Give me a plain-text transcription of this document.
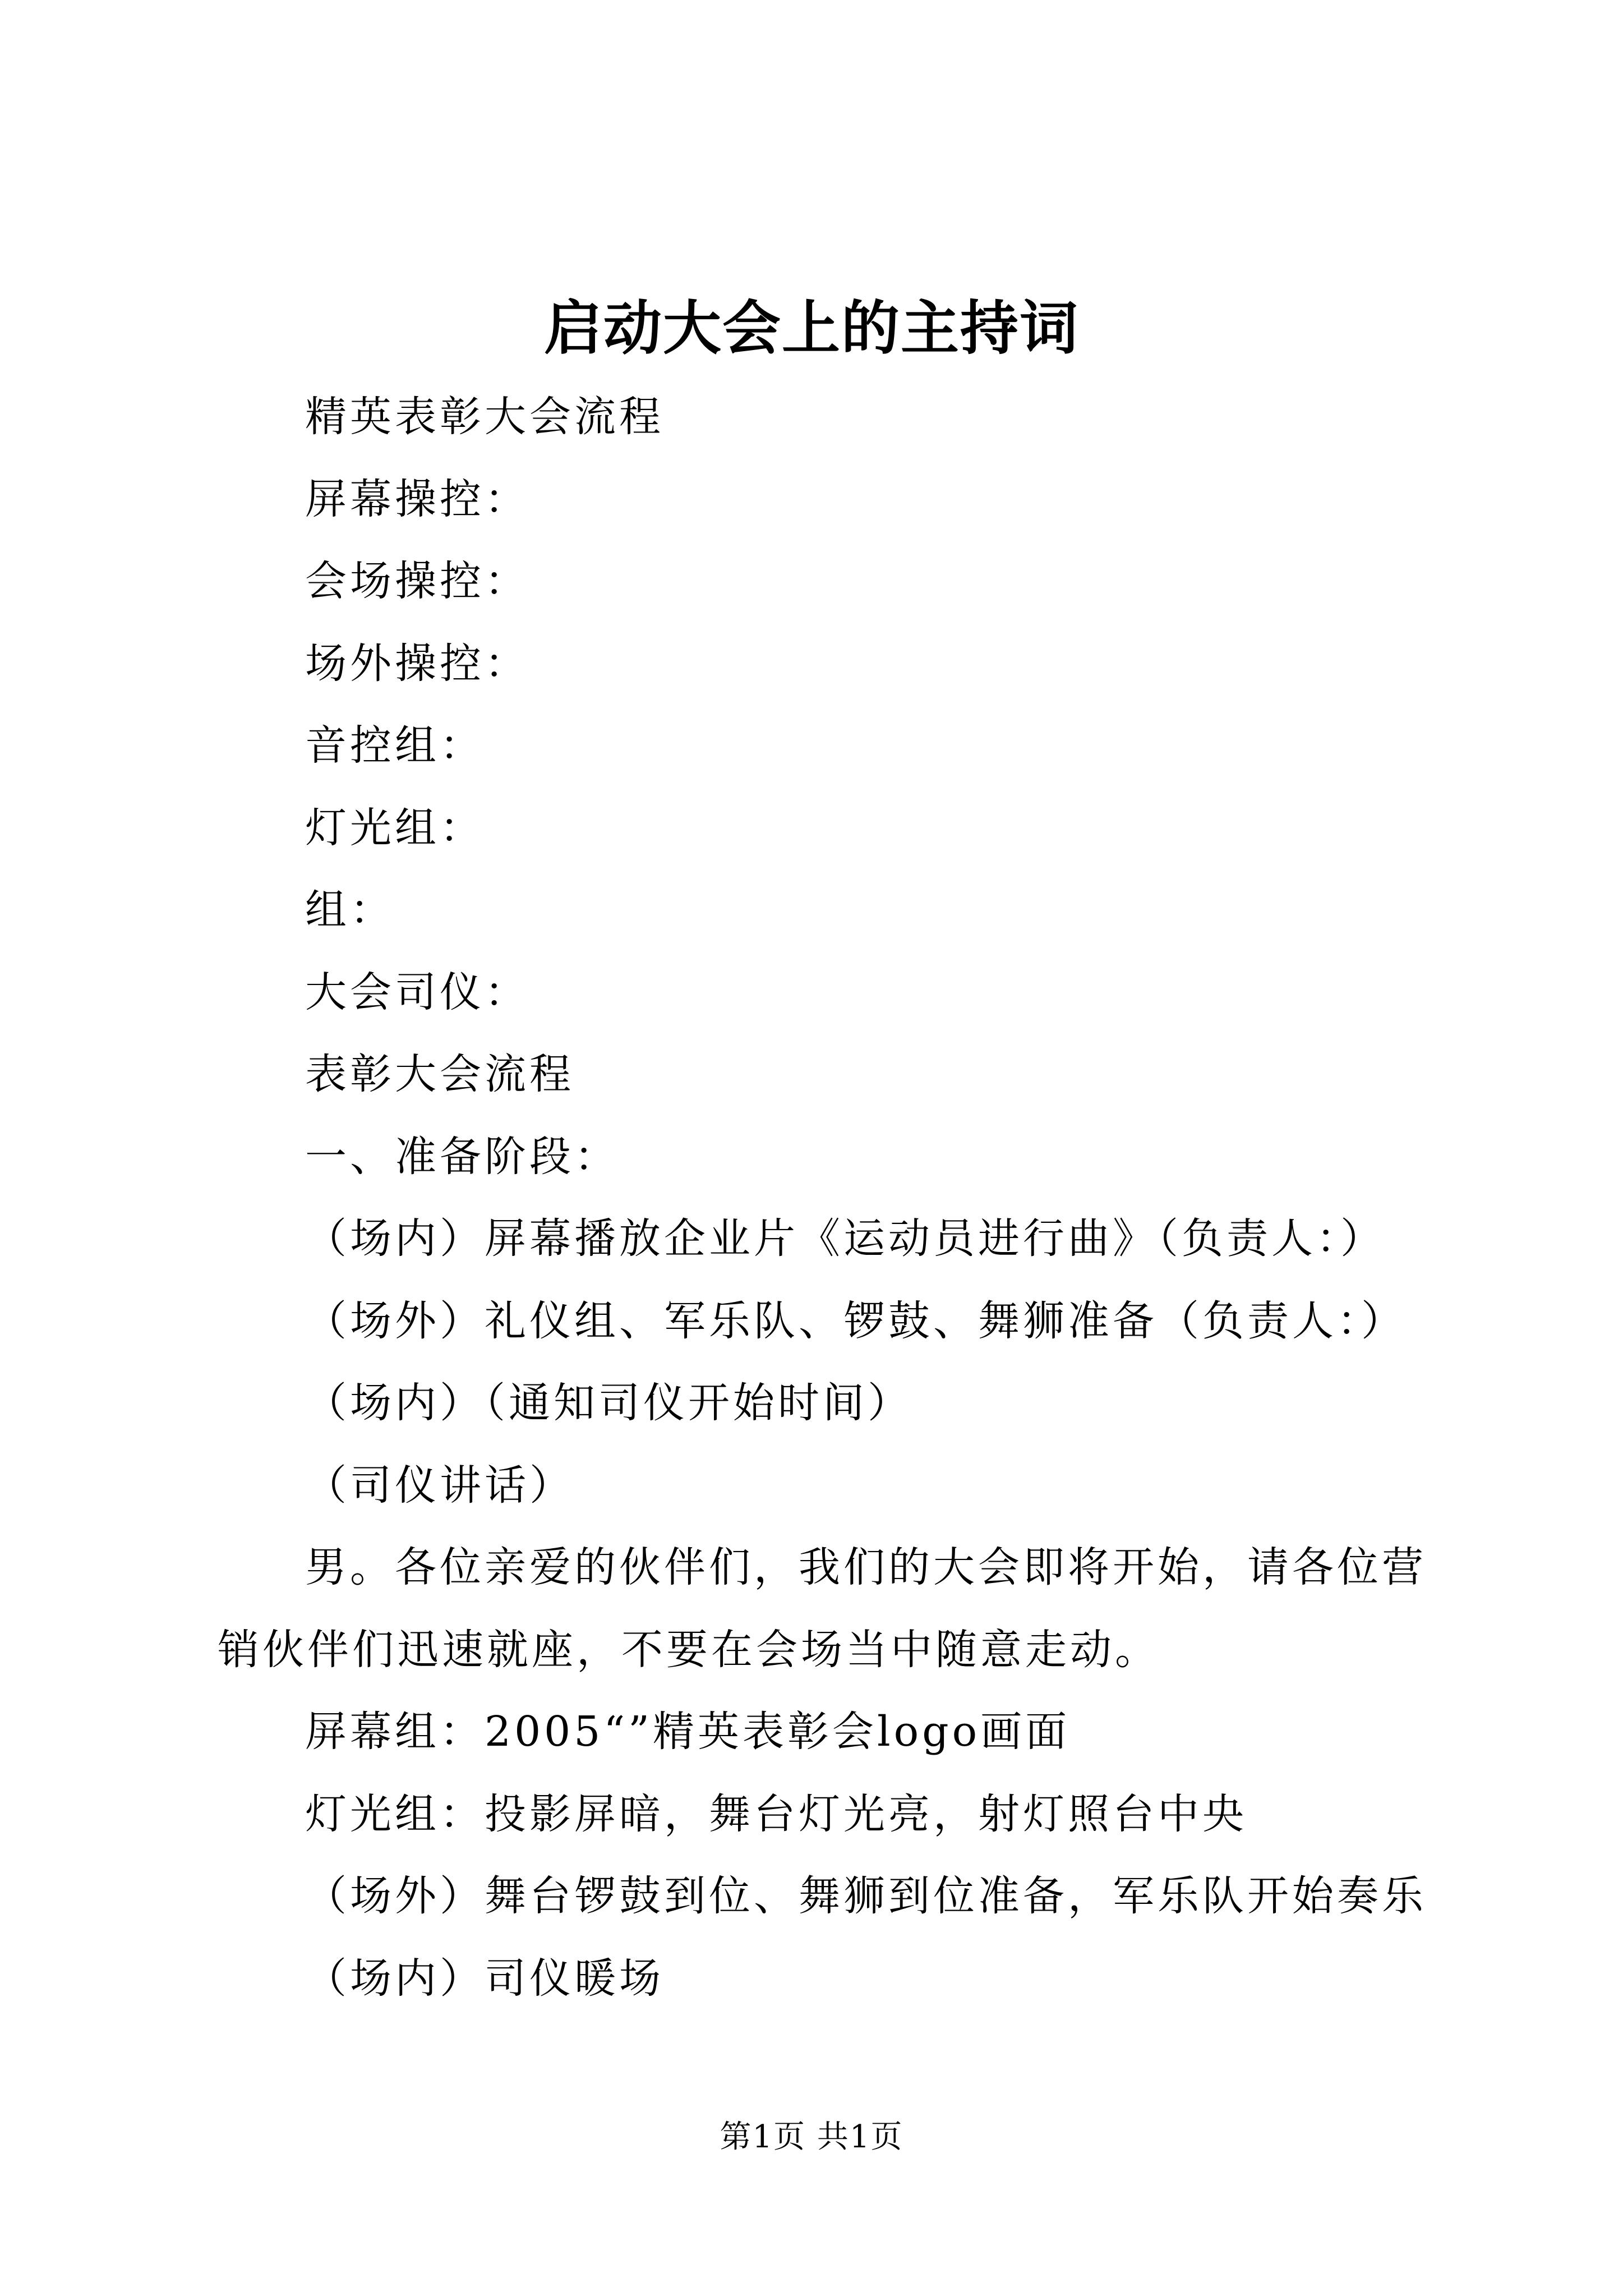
启动大会上的主持词

精英表彰大会流程

屏幕操控：

会场操控：

场外操控：

音控组：

灯光组：

组：

大会司仪：

表彰大会流程

一、准备阶段：

（场内）屏幕播放企业片《运动员进行曲》（负责人：）

（场外）礼仪组、军乐队、锣鼓、舞狮准备（负责人：）

（场内）（通知司仪开始时间）

（司仪讲话）

男。各位亲爱的伙伴们，我们的大会即将开始，请各位营销伙伴们迅速就座，不要在会场当中随意走动。

屏幕组：2005“”精英表彰会logo画面

灯光组：投影屏暗，舞台灯光亮，射灯照台中央

（场外）舞台锣鼓到位、舞狮到位准备，军乐队开始奏乐

（场内）司仪暖场

第1页 共1页
